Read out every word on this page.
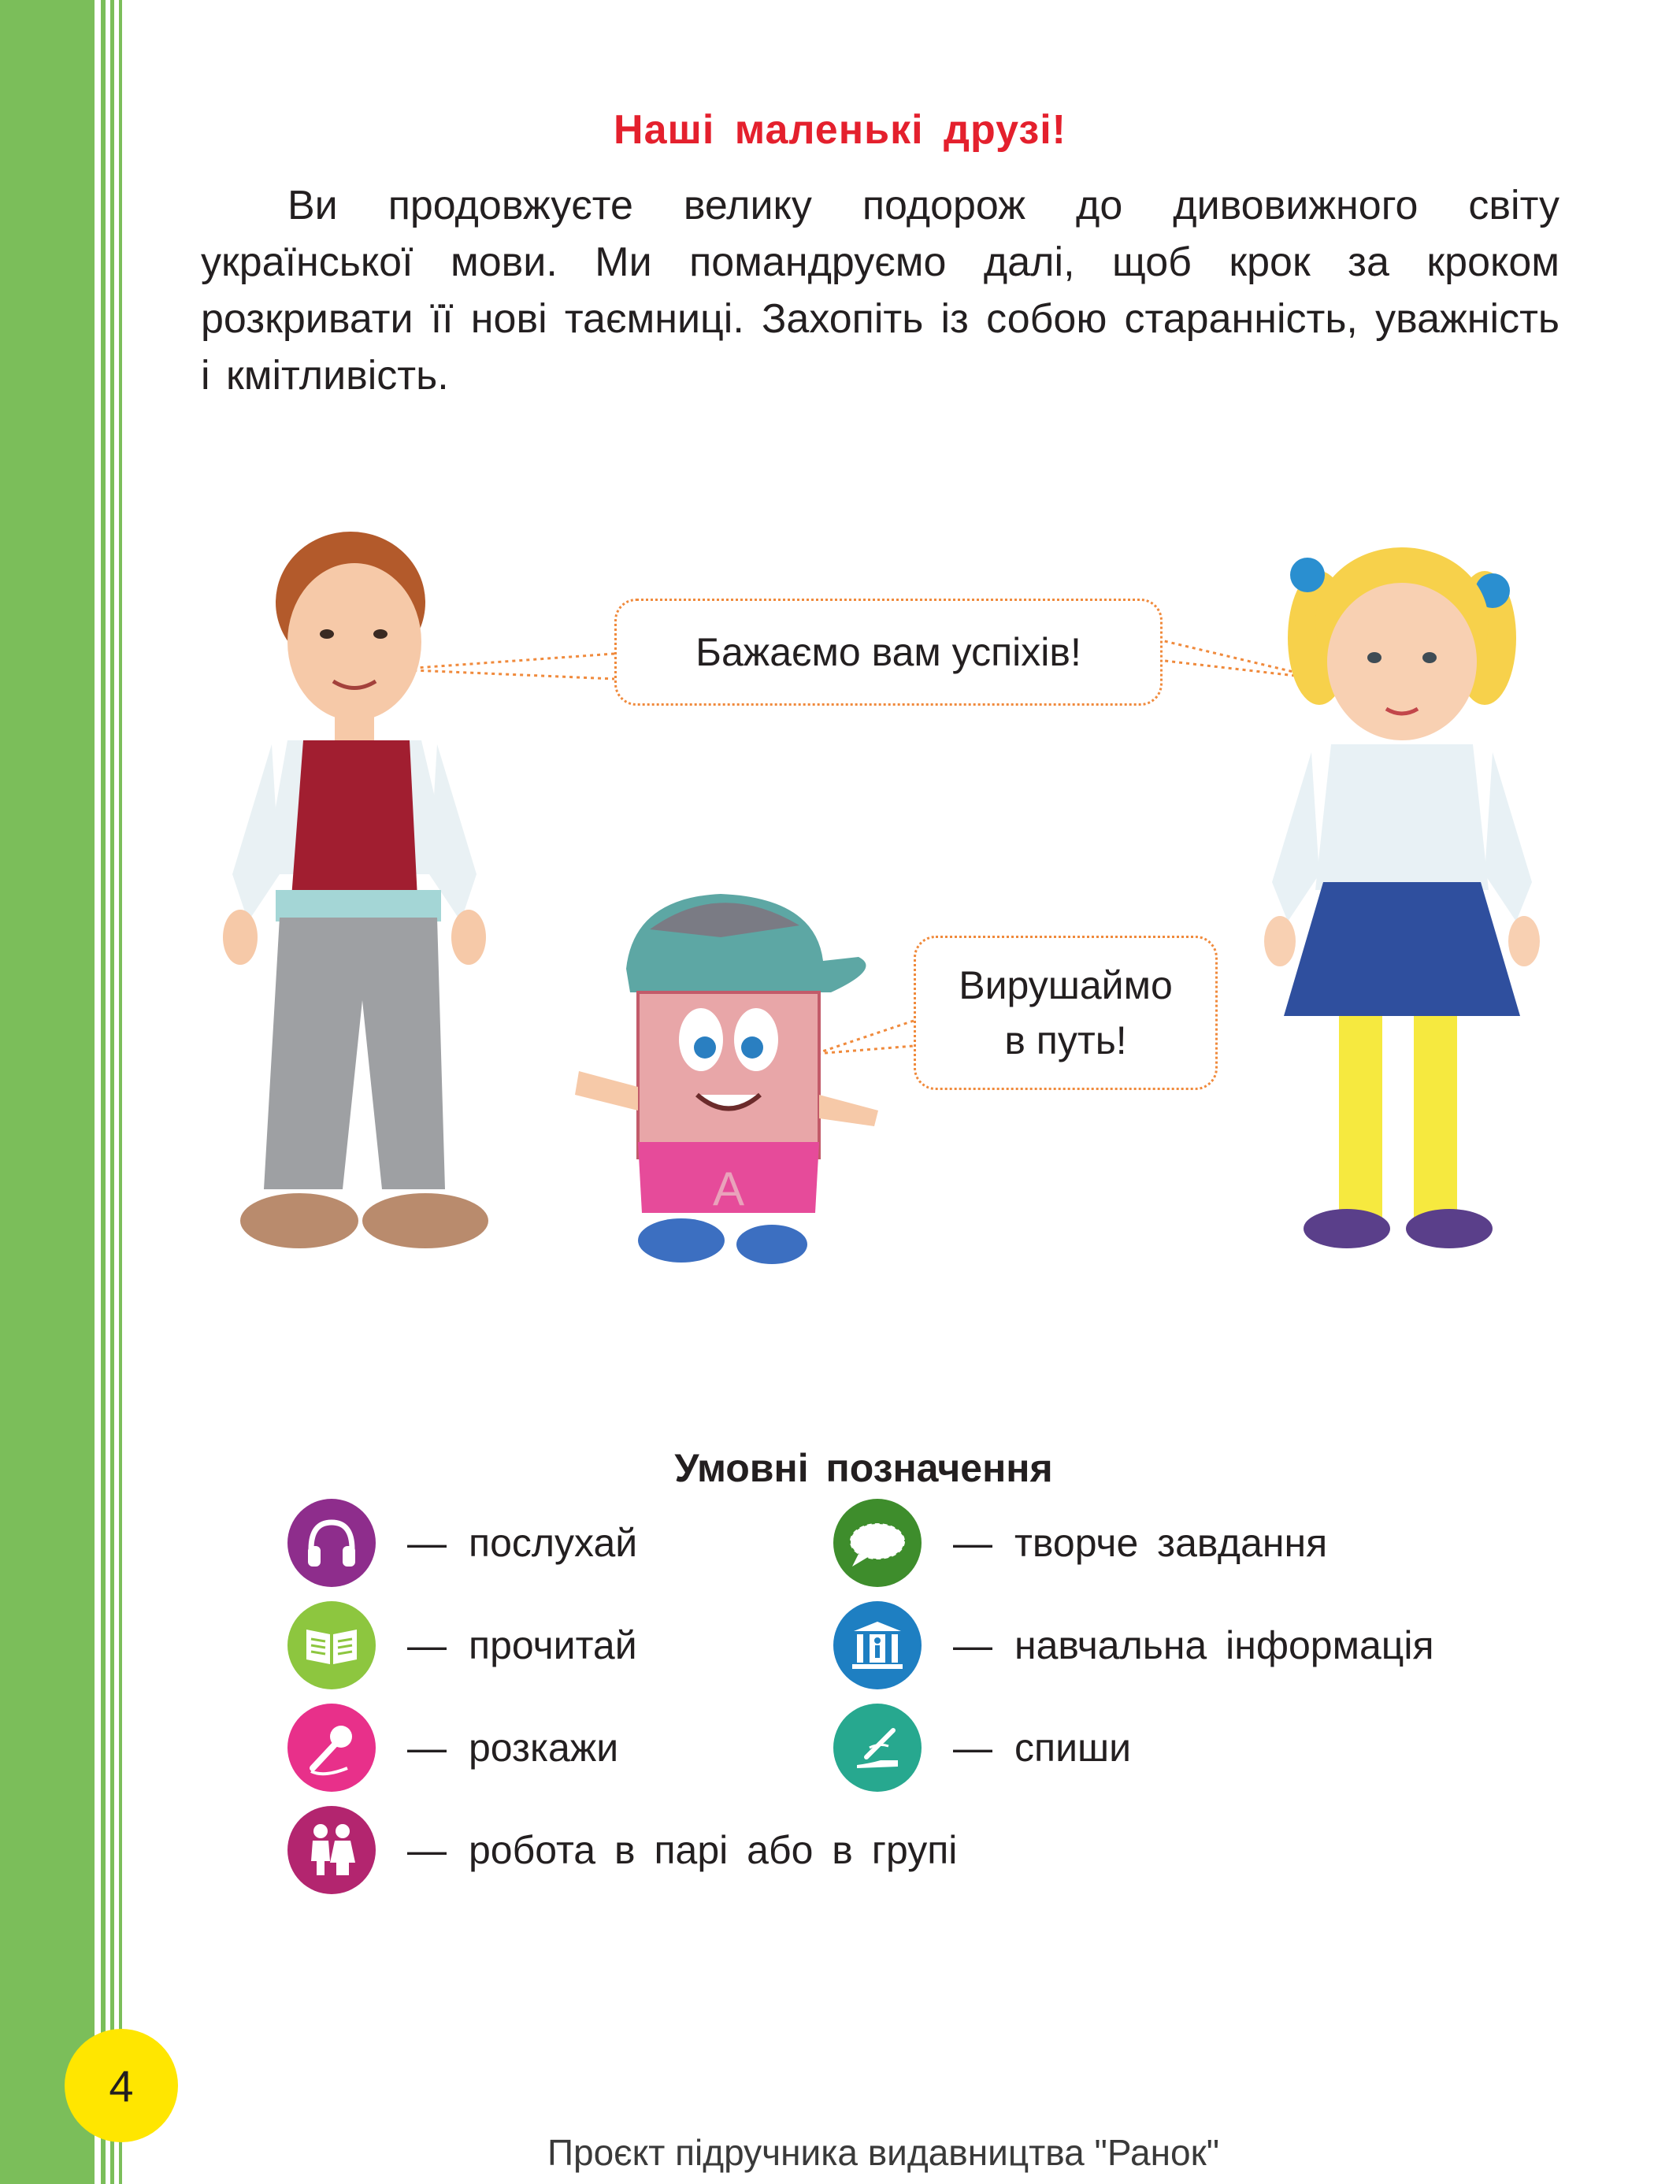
Наші маленькі друзі!
Ви продовжуєте велику подорож до дивовижного світу української мови. Ми помандруємо далі, щоб крок за кроком розкривати її нові таємниці. Захопіть із собою старанність, уважність і кмітливість.
Бажаємо вам успіхів!
Вирушаймо
в путь!
А
Умовні позначення
— послухай
— прочитай
— розкажи
— робота в парі або в групі
— творче завдання
— навчальна інформація
— спиши
4
Проєкт підручника видавництва "Ранок"
